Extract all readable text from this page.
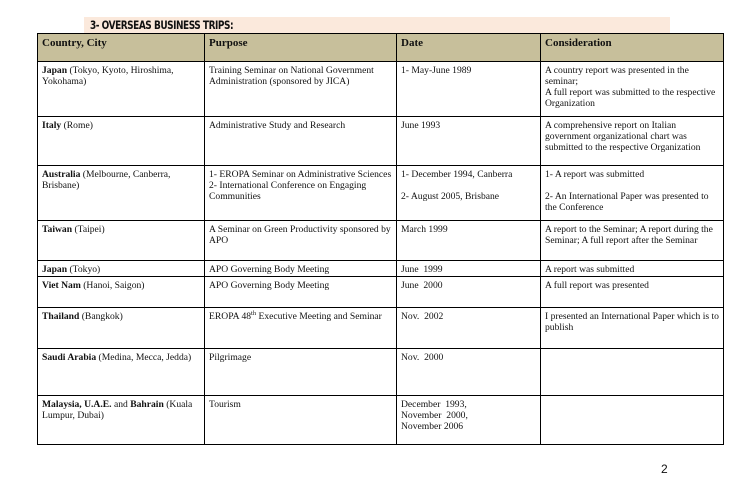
3- OVERSEAS BUSINESS TRIPS:
Country, City	Purpose	Date	Consideration
Japan (Tokyo, Kyoto, Hiroshima, Yokohama)	Training Seminar on National Government Administration (sponsored by JICA)	1- May-June 1989	A country report was presented in the seminar;
A full report was submitted to the respective Organization

Italy (Rome)	Administrative Study and Research	June 1993	A comprehensive report on Italian government organizational chart was submitted to the respective Organization

Australia (Melbourne, Canberra, Brisbane)	1- EROPA Seminar on Administrative Sciences
2- International Conference on Engaging Communities	1- December 1994, Canberra
2- August 2005, Brisbane	1- A report was submitted
2- An International Paper was presented to the Conference

Taiwan (Taipei)	A Seminar on Green Productivity sponsored by APO	March 1999	A report to the Seminar; A report during the Seminar; A full report after the Seminar

Japan (Tokyo)	APO Governing Body Meeting	June  1999	A report was submitted

Viet Nam (Hanoi, Saigon)	APO Governing Body Meeting	June  2000	A full report was presented

Thailand (Bangkok)	EROPA 48th Executive Meeting and Seminar	Nov.  2002	I presented an International Paper which is to publish

Saudi Arabia (Medina, Mecca, Jedda)	Pilgrimage	Nov.  2000	

Malaysia, U.A.E. and Bahrain (Kuala Lumpur, Dubai)	Tourism	December  1993,
November  2000,
November 2006	

2
